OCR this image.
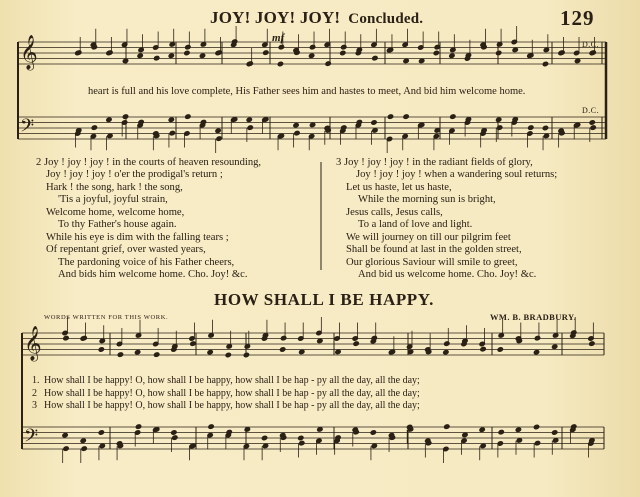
JOY! JOY! JOY! Concluded.	129
𝄞
𝄢
𝄞
𝄢
mf
D.C.
D.C.
heart is full and his love complete, His Father sees him and hastes to meet, And bid him welcome home.
2 Joy ! joy ! joy ! in the courts of heaven resounding,
Joy ! joy ! joy ! o'er the prodigal's return ;
Hark ! the song, hark ! the song,
'Tis a joyful, joyful strain,
Welcome home, welcome home,
To thy Father's house again.
While his eye is dim with the falling tears ;
Of repentant grief, over wasted years,
The pardoning voice of his Father cheers,
And bids him welcome home. Cho. Joy! &c.
3 Joy ! joy ! joy ! in the radiant fields of glory,
Joy ! joy ! joy ! when a wandering soul returns;
Let us haste, let us haste,
While the morning sun is bright,
Jesus calls, Jesus calls,
To a land of love and light.
We will journey on till our pilgrim feet
Shall be found at last in the golden street,
Our glorious Saviour will smile to greet,
And bid us welcome home. Cho. Joy! &c.
HOW SHALL I BE HAPPY.
WORDS WRITTEN FOR THIS WORK.	WM. B. BRADBURY.
1. How shall I be happy! O, how shall I be happy, how shall I be hap - py all the day, all the day;
2 How shall I be happy! O, how shall I be happy, how shall I be hap - py all the day, all the day;
3 How shall I be happy! O, how shall I be happy, how shall I be hap - py all the day, all the day;
